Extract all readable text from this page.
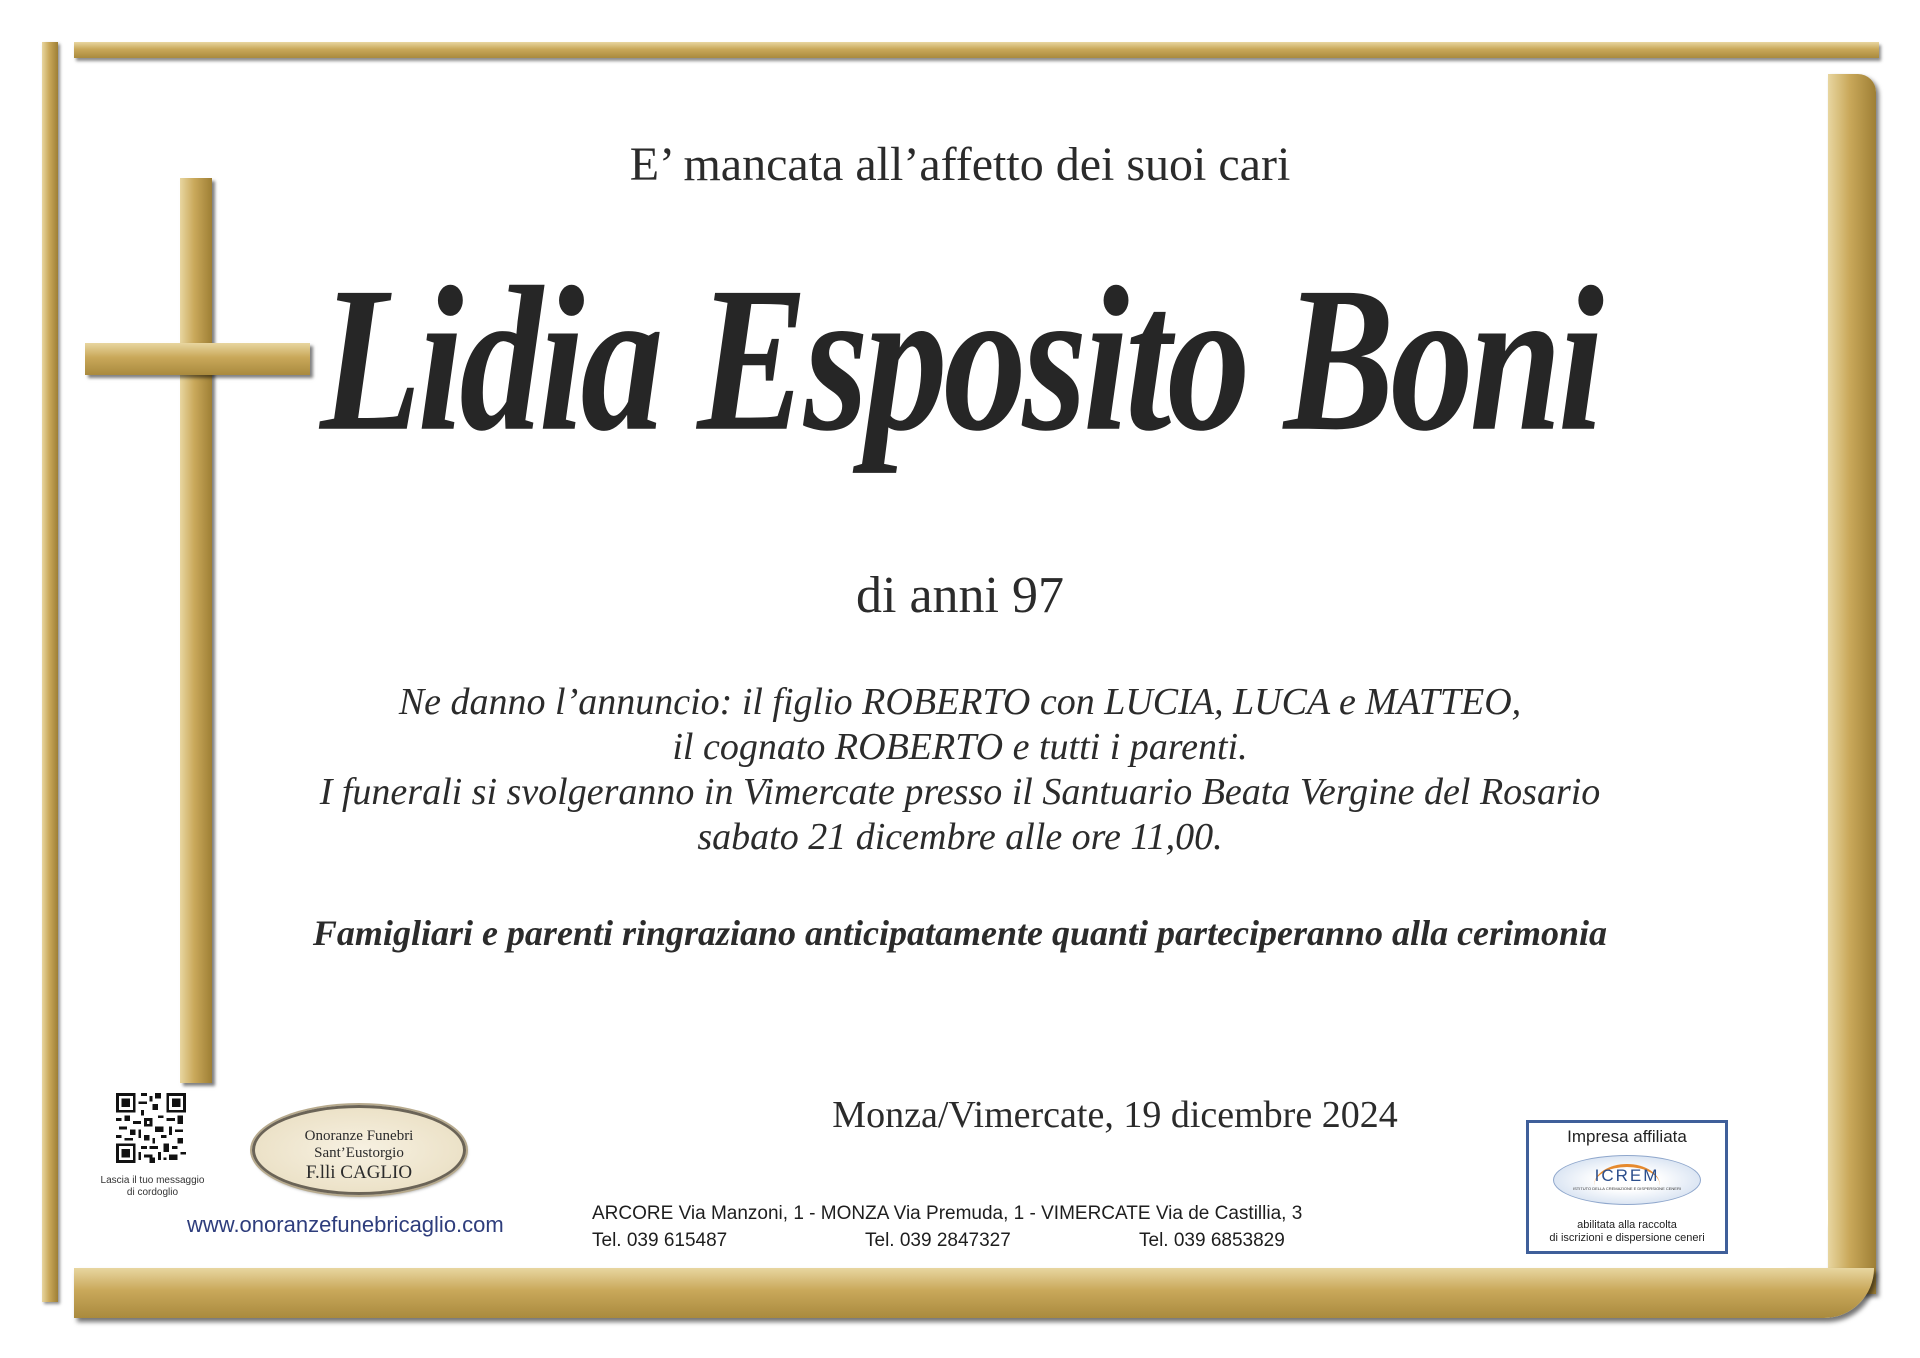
E’ mancata all’affetto dei suoi cari
Lidia Esposito Boni
di anni 97
Ne danno l’annuncio: il figlio ROBERTO con LUCIA, LUCA e MATTEO,
il cognato ROBERTO e tutti i parenti.
I funerali si svolgeranno in Vimercate presso il Santuario Beata Vergine del Rosario
sabato 21 dicembre alle ore 11,00.
Famigliari e parenti ringraziano anticipatamente quanti parteciperanno alla cerimonia
Monza/Vimercate, 19 dicembre 2024
Lascia il tuo messaggio
di cordoglio
Onoranze Funebri
Sant’Eustorgio
F.lli CAGLIO
www.onoranzefunebricaglio.com	ARCORE Via Manzoni, 1 - MONZA Via Premuda, 1 - VIMERCATE Via de Castillia, 3
Tel. 039 615487	Tel. 039 2847327	Tel. 039 6853829
Impresa affiliata
ICREM
ISTITUTO DELLA CREMAZIONE E DISPERSIONE CENERI
abilitata alla raccolta
di iscrizioni e dispersione ceneri
